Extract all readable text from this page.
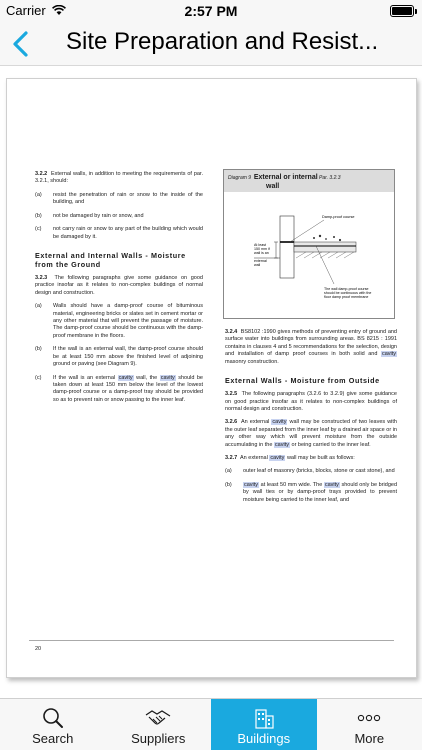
Carrier	2:57 PM
Site Preparation and Resist...
Diagram 9 External or internal Par. 3.2.3
wall
At least
150 mm if
wall is an
external
wall
Damp-proof course
The wall damp-proof course
should be continuous with the
floor damp proof membrane
3.2.2 External walls, in addition to meeting the requirements of par. 3.2.1, should:
(a)	resist the penetration of rain or snow to the inside of the building, and
(b)	not be damaged by rain or snow, and
(c)	not carry rain or snow to any part of the building which would be damaged by it.
External and Internal Walls - Moisture from the Ground
3.2.3 The following paragraphs give some guidance on good practice insofar as it relates to non-complex buildings of normal design and construction.
(a)	Walls should have a damp-proof course of bituminous material, engineering bricks or slates set in cement mortar or any other material that will prevent the passage of moisture. The damp-proof course should be continuous with the damp-proof membrane in the floors.
(b)	If the wall is an external wall, the damp-proof course should be at least 150 mm above the finished level of adjoining ground or paving (see Diagram 9).
(c)	If the wall is an external cavity wall, the cavity should be taken down at least 150 mm below the level of the lowest damp-proof course or a damp-proof tray should be provided so as to prevent rain or snow passing to the inner leaf.
3.2.4 BS8102 :1990 gives methods of preventing entry of ground and surface water into buildings from surrounding areas. BS 8215 : 1991 contains in clauses 4 and 5 recommendations for the selection, design and installation of damp proof courses in both solid and cavity masonry construction.
External Walls - Moisture from Outside
3.2.5 The following paragraphs (3.2.6 to 3.2.9) give some guidance on good practice insofar as it relates to non-complex buildings of normal design and construction.
3.2.6 An external cavity wall may be constructed of two leaves with the outer leaf separated from the inner leaf by a drained air space or in any other way which will prevent moisture from the outside accumulating in the cavity or being carried to the inner leaf.
3.2.7 An external cavity wall may be built as follows:
(a)	outer leaf of masonry (bricks, blocks, stone or cast stone), and
(b)	cavity at least 50 mm wide. The cavity should only be bridged by wall ties or by damp-proof trays provided to prevent moisture being carried to the inner leaf, and
20
Search	Suppliers	Buildings	More
